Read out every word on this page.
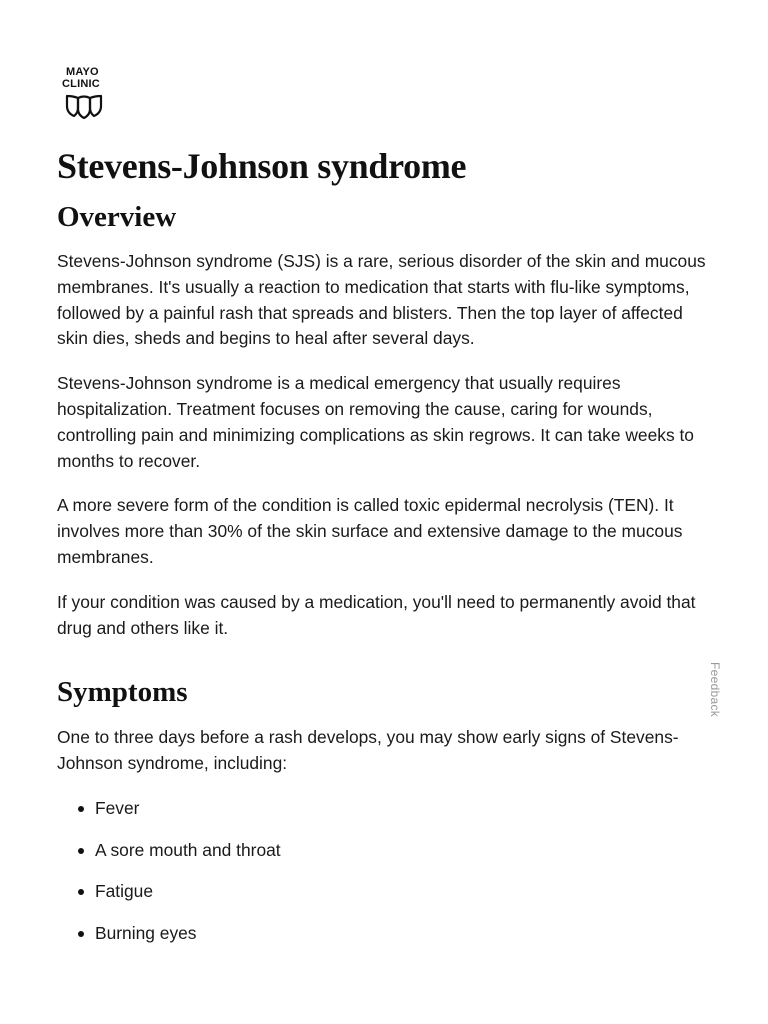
MAYO
CLINIC
Stevens-Johnson syndrome
Overview

Stevens-Johnson syndrome (SJS) is a rare, serious disorder of the skin and mucous membranes. It's usually a reaction to medication that starts with flu-like symptoms, followed by a painful rash that spreads and blisters. Then the top layer of affected skin dies, sheds and begins to heal after several days.

Stevens-Johnson syndrome is a medical emergency that usually requires hospitalization. Treatment focuses on removing the cause, caring for wounds, controlling pain and minimizing complications as skin regrows. It can take weeks to months to recover.

A more severe form of the condition is called toxic epidermal necrolysis (TEN). It involves more than 30% of the skin surface and extensive damage to the mucous membranes.

If your condition was caused by a medication, you'll need to permanently avoid that drug and others like it.

Symptoms

One to three days before a rash develops, you may show early signs of Stevens-Johnson syndrome, including:

Fever
A sore mouth and throat
Fatigue
Burning eyes
Feedback
